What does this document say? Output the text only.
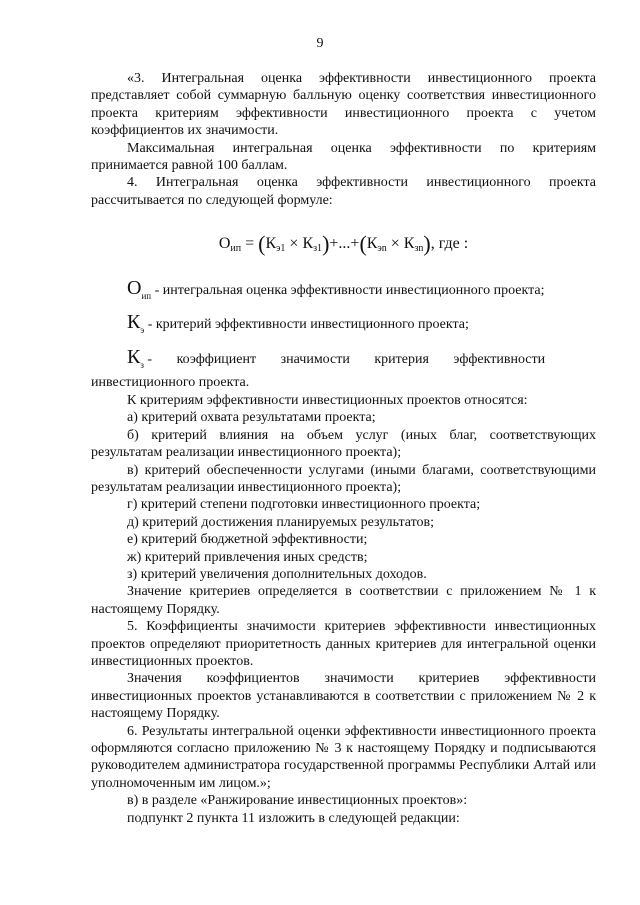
9

«3. Интегральная оценка эффективности инвестиционного проекта представляет собой суммарную балльную оценку соответствия инвестиционного проекта критериям эффективности инвестиционного проекта с учетом коэффициентов их значимости.

Максимальная интегральная оценка эффективности по критериям принимается равной 100 баллам.

4. Интегральная оценка эффективности инвестиционного проекта рассчитывается по следующей формуле:

$О_{ип} = (К_{э1} \times К_{з1})+...+(К_{эn} \times К_{зn})$, где :

$О_{ип}$ - интегральная оценка эффективности инвестиционного проекта;

$К_э$ - критерий эффективности инвестиционного проекта;

$К_з$ -       коэффициент       значимости       критерия       эффективности

инвестиционного проекта.

К критериям эффективности инвестиционных проектов относятся:

а) критерий охвата результатами проекта;

б) критерий влияния на объем услуг (иных благ, соответствующих результатам реализации инвестиционного проекта);

в) критерий обеспеченности услугами (иными благами, соответствующими результатам реализации инвестиционного проекта);

г) критерий степени подготовки инвестиционного проекта;

д) критерий достижения планируемых результатов;

е) критерий бюджетной эффективности;

ж) критерий привлечения иных средств;

з) критерий увеличения дополнительных доходов.

Значение критериев определяется в соответствии с приложением № 1 к настоящему Порядку.

5. Коэффициенты значимости критериев эффективности инвестиционных проектов определяют приоритетность данных критериев для интегральной оценки инвестиционных проектов.

Значения коэффициентов значимости критериев эффективности инвестиционных проектов устанавливаются в соответствии с приложением № 2 к настоящему Порядку.

6. Результаты интегральной оценки эффективности инвестиционного проекта оформляются согласно приложению № 3 к настоящему Порядку и подписываются руководителем администратора государственной программы Республики Алтай или уполномоченным им лицом.»;

в) в разделе «Ранжирование инвестиционных проектов»:

подпункт 2 пункта 11 изложить в следующей редакции:
